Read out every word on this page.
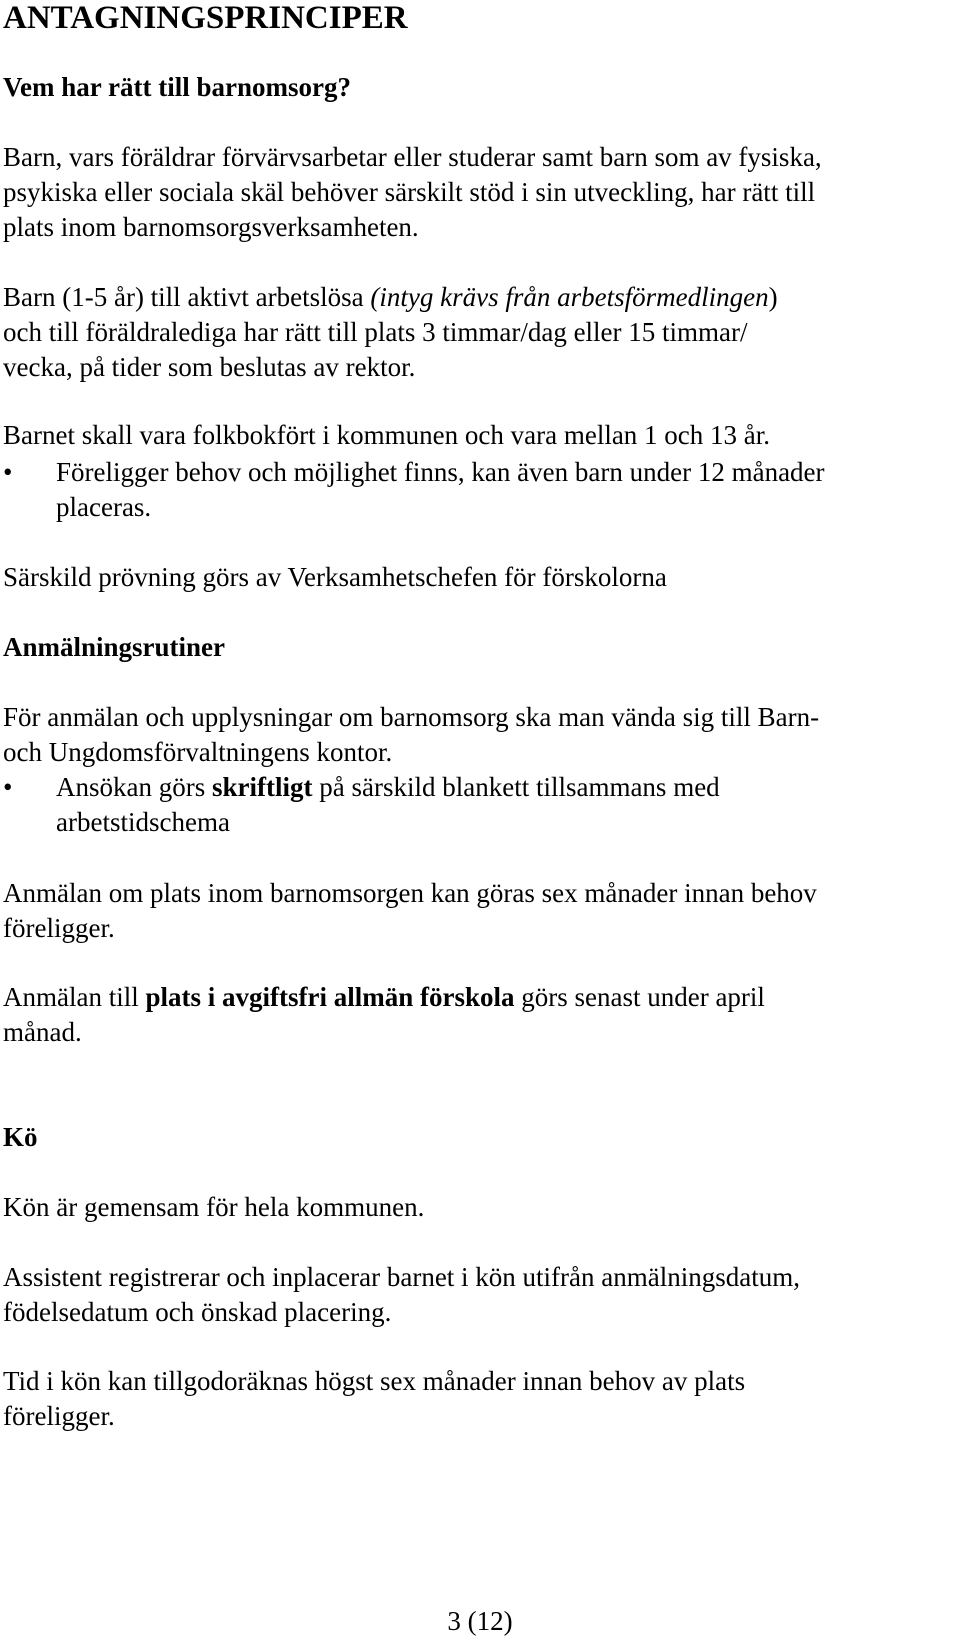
ANTAGNINGSPRINCIPER
Vem har rätt till barnomsorg?
Barn, vars föräldrar förvärvsarbetar eller studerar samt barn som av fysiska,
psykiska eller sociala skäl behöver särskilt stöd i sin utveckling, har rätt till
plats inom barnomsorgsverksamheten.
Barn (1-5 år) till aktivt arbetslösa (intyg krävs från arbetsförmedlingen)
och till föräldralediga har rätt till plats 3 timmar/dag eller 15 timmar/
vecka, på tider som beslutas av rektor.
Barnet skall vara folkbokfört i kommunen och vara mellan 1 och 13 år.
•	Föreligger behov och möjlighet finns, kan även barn under 12 månader
placeras.
Särskild prövning görs av Verksamhetschefen för förskolorna
Anmälningsrutiner
För anmälan och upplysningar om barnomsorg ska man vända sig till Barn-
och Ungdomsförvaltningens kontor.
•	Ansökan görs skriftligt på särskild blankett tillsammans med
arbetstidschema
Anmälan om plats inom barnomsorgen kan göras sex månader innan behov
föreligger.
Anmälan till plats i avgiftsfri allmän förskola görs senast under april
månad.
Kö
Kön är gemensam för hela kommunen.
Assistent registrerar och inplacerar barnet i kön utifrån anmälningsdatum,
födelsedatum och önskad placering.
Tid i kön kan tillgodoräknas högst sex månader innan behov av plats
föreligger.
3 (12)
